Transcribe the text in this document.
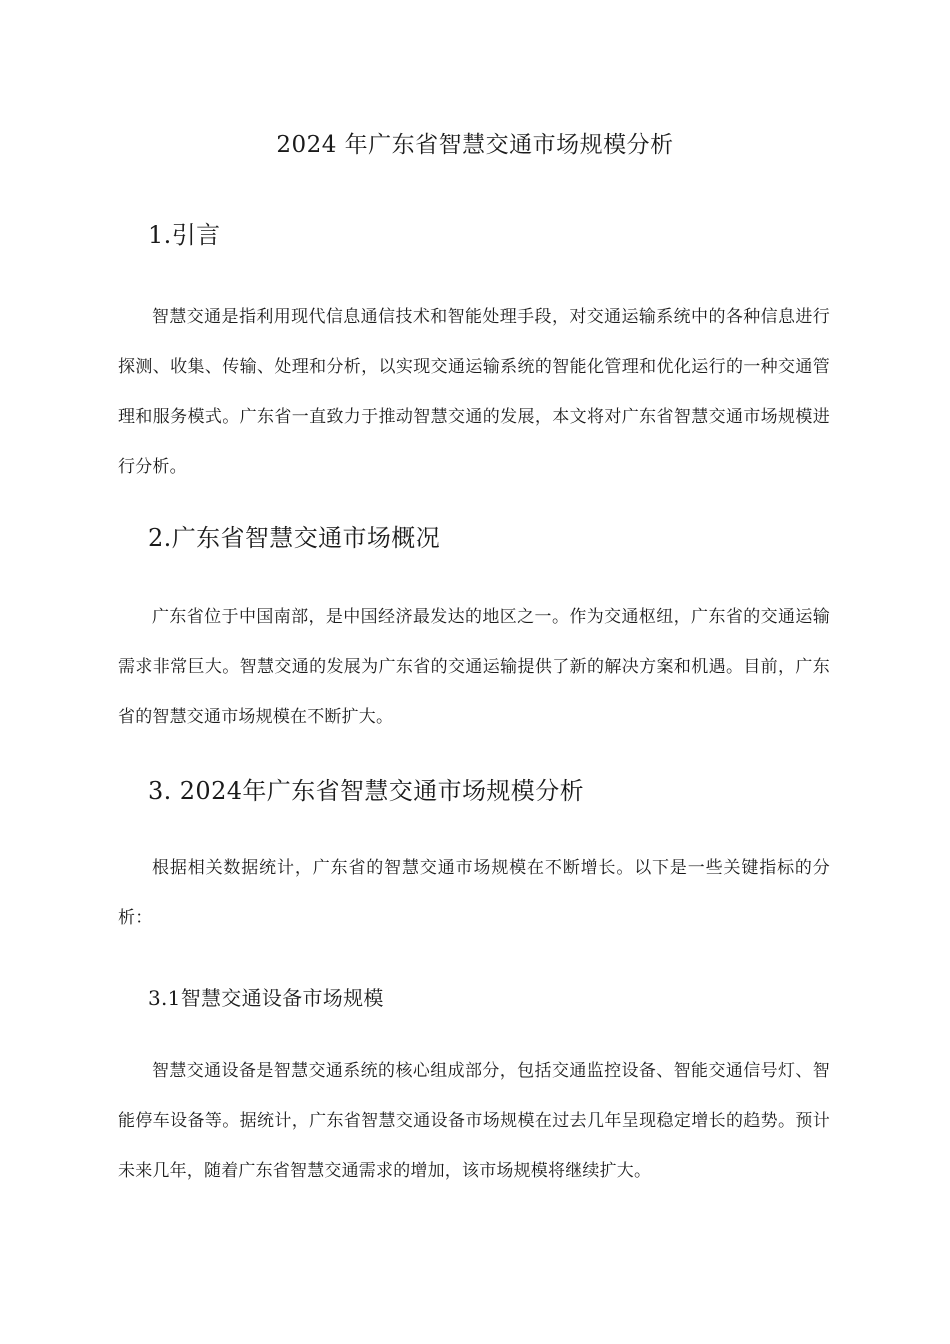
2024 年广东省智慧交通市场规模分析
1.引言
智慧交通是指利用现代信息通信技术和智能处理手段，对交通运输系统中的各种信息进行探测、收集、传输、处理和分析，以实现交通运输系统的智能化管理和优化运行的一种交通管理和服务模式。广东省一直致力于推动智慧交通的发展，本文将对广东省智慧交通市场规模进行分析。
2.广东省智慧交通市场概况
广东省位于中国南部，是中国经济最发达的地区之一。作为交通枢纽，广东省的交通运输需求非常巨大。智慧交通的发展为广东省的交通运输提供了新的解决方案和机遇。目前，广东省的智慧交通市场规模在不断扩大。
3. 2024年广东省智慧交通市场规模分析
根据相关数据统计，广东省的智慧交通市场规模在不断增长。以下是一些关键指标的分析：
3.1智慧交通设备市场规模
智慧交通设备是智慧交通系统的核心组成部分，包括交通监控设备、智能交通信号灯、智能停车设备等。据统计，广东省智慧交通设备市场规模在过去几年呈现稳定增长的趋势。预计未来几年，随着广东省智慧交通需求的增加，该市场规模将继续扩大。
